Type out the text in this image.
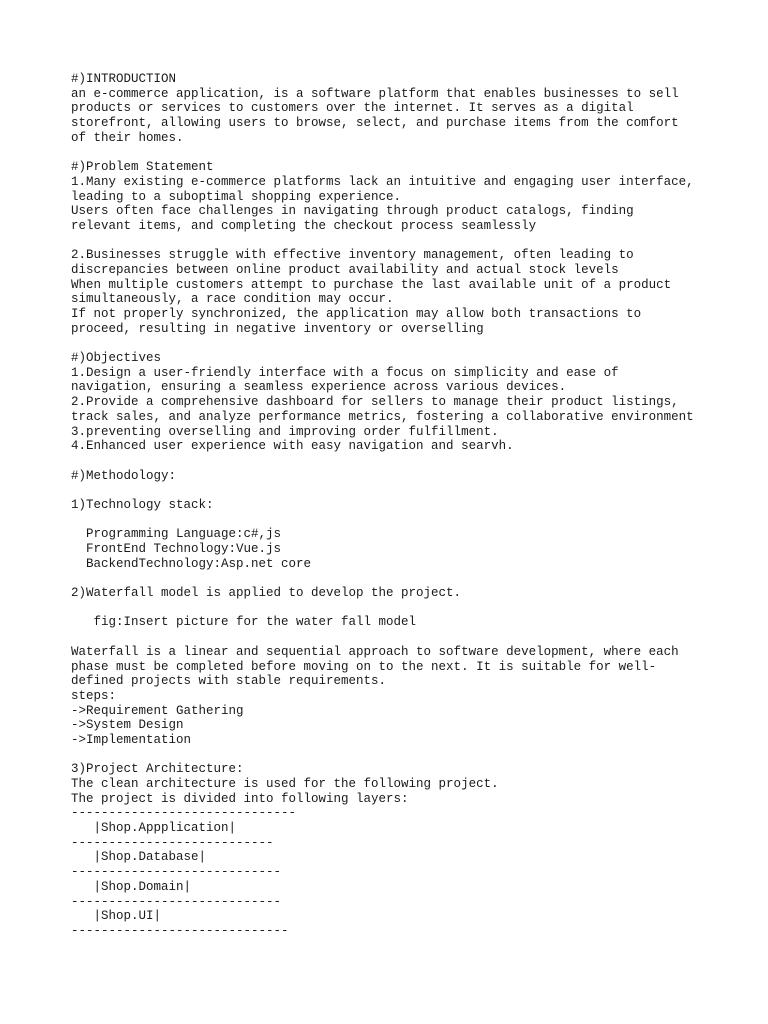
#)INTRODUCTION
an e-commerce application, is a software platform that enables businesses to sell
products or services to customers over the internet. It serves as a digital
storefront, allowing users to browse, select, and purchase items from the comfort
of their homes.
#)Problem Statement
1.Many existing e-commerce platforms lack an intuitive and engaging user interface,
leading to a suboptimal shopping experience.
Users often face challenges in navigating through product catalogs, finding
relevant items, and completing the checkout process seamlessly
2.Businesses struggle with effective inventory management, often leading to
discrepancies between online product availability and actual stock levels
When multiple customers attempt to purchase the last available unit of a product
simultaneously, a race condition may occur.
If not properly synchronized, the application may allow both transactions to
proceed, resulting in negative inventory or overselling
#)Objectives
1.Design a user-friendly interface with a focus on simplicity and ease of
navigation, ensuring a seamless experience across various devices.
2.Provide a comprehensive dashboard for sellers to manage their product listings,
track sales, and analyze performance metrics, fostering a collaborative environment
3.preventing overselling and improving order fulfillment.
4.Enhanced user experience with easy navigation and searvh.
#)Methodology:
1)Technology stack:
Programming Language:c#,js
FrontEnd Technology:Vue.js
BackendTechnology:Asp.net core
2)Waterfall model is applied to develop the project.
fig:Insert picture for the water fall model
Waterfall is a linear and sequential approach to software development, where each
phase must be completed before moving on to the next. It is suitable for well-
defined projects with stable requirements.
steps:
->Requirement Gathering
->System Design
->Implementation
3)Project Architecture:
The clean architecture is used for the following project.
The project is divided into following layers:
------------------------------
|Shop.Appplication|
---------------------------
|Shop.Database|
----------------------------
|Shop.Domain|
----------------------------
|Shop.UI|
-----------------------------
